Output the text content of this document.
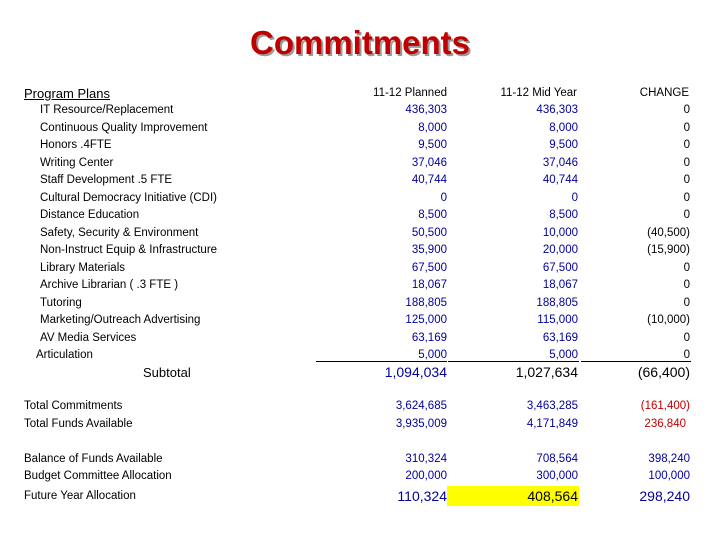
Commitments
Program Plans	11-12 Planned	11-12 Mid Year	CHANGE
IT Resource/Replacement	436,303	436,303	0
Continuous Quality Improvement	8,000	8,000	0
Honors .4FTE	9,500	9,500	0
Writing Center	37,046	37,046	0
Staff Development .5 FTE	40,744	40,744	0
Cultural Democracy Initiative (CDI)	0	0	0
Distance Education	8,500	8,500	0
Safety, Security & Environment	50,500	10,000	(40,500)
Non-Instruct Equip & Infrastructure	35,900	20,000	(15,900)
Library Materials	67,500	67,500	0
Archive Librarian ( .3 FTE )	18,067	18,067	0
Tutoring	188,805	188,805	0
Marketing/Outreach Advertising	125,000	115,000	(10,000)
AV Media Services	63,169	63,169	0
Articulation	5,000	5,000	0
Subtotal	1,094,034	1,027,634	(66,400)
Total Commitments	3,624,685	3,463,285	(161,400)
Total Funds Available	3,935,009	4,171,849	236,840
Balance of Funds Available	310,324	708,564	398,240
Budget Committee Allocation	200,000	300,000	100,000
Future Year Allocation	110,324	408,564	298,240
